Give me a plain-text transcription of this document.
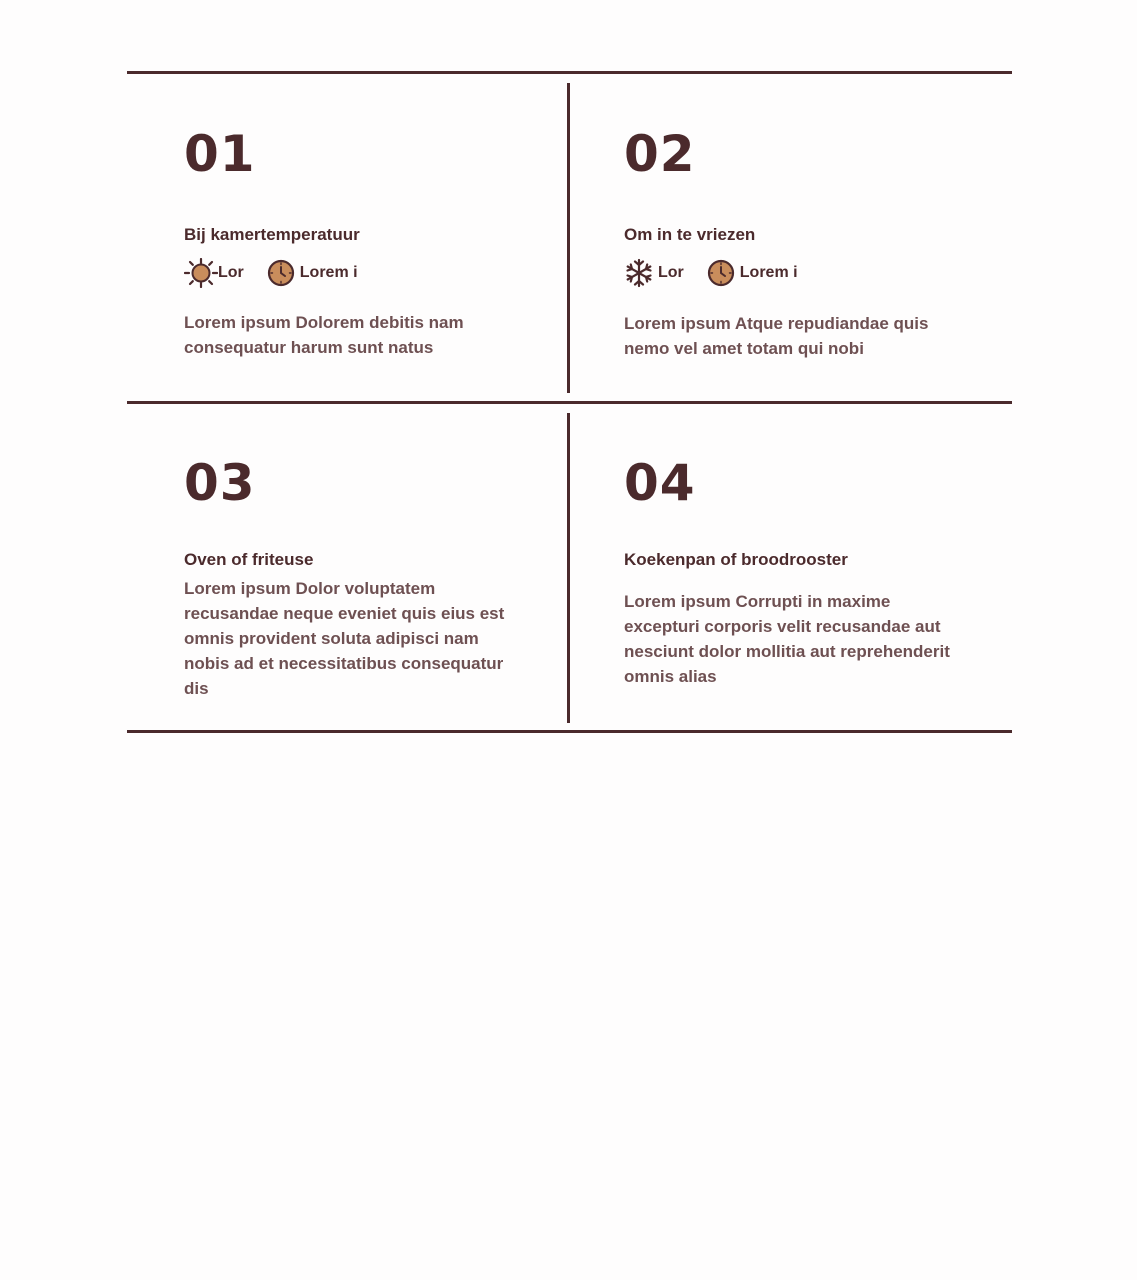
01
Bij kamertemperatuur
Lor	Lorem i
Lorem ipsum Dolorem debitis nam consequatur harum sunt natus
02
Om in te vriezen
Lor	Lorem i
Lorem ipsum Atque repudiandae quis nemo vel amet totam qui nobi
03
Oven of friteuse
Lorem ipsum Dolor voluptatem recusandae neque eveniet quis eius est omnis provident soluta adipisci nam nobis ad et necessitatibus consequatur dis
04
Koekenpan of broodrooster
Lorem ipsum Corrupti in maxime excepturi corporis velit recusandae aut nesciunt dolor mollitia aut reprehenderit omnis alias
